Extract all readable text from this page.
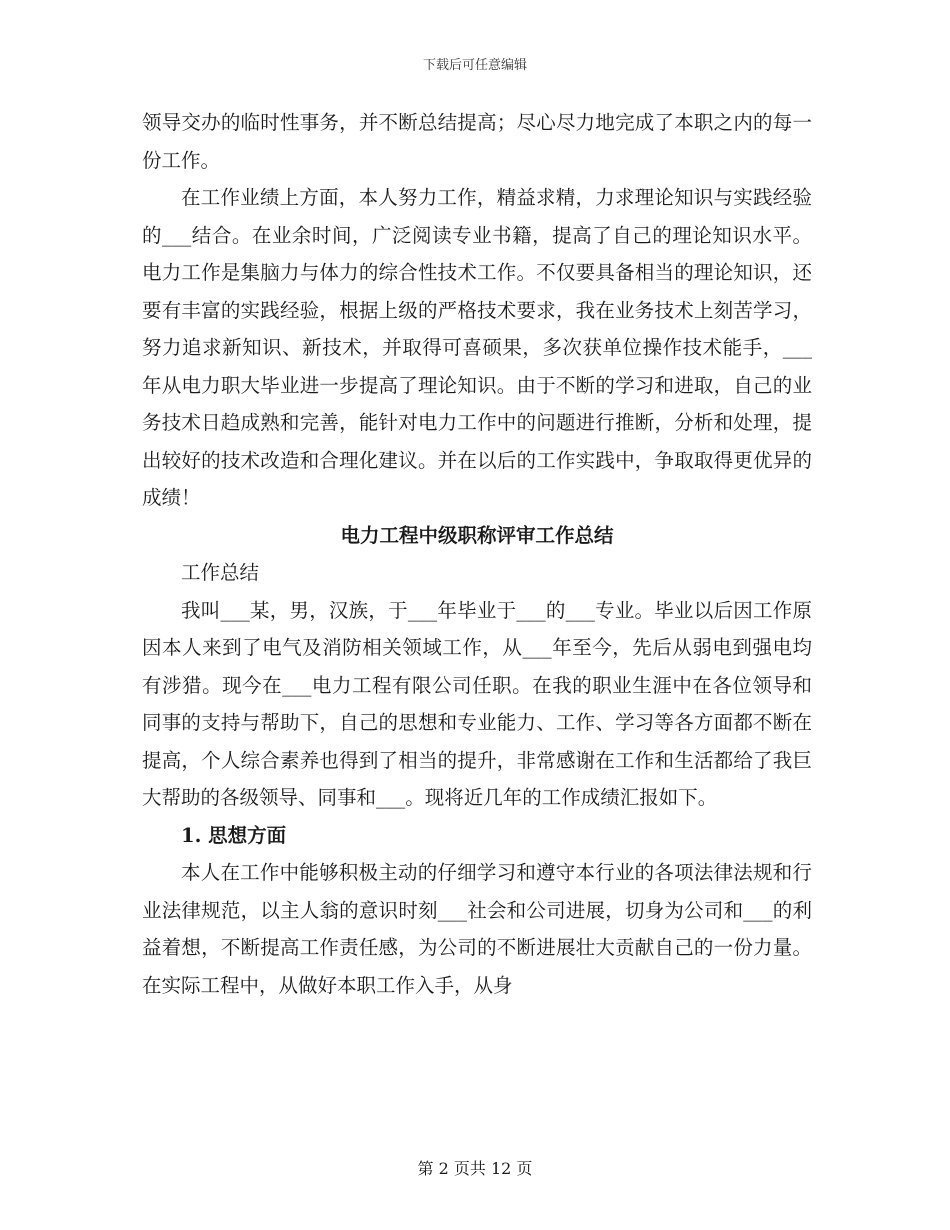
下载后可任意编辑

领导交办的临时性事务，并不断总结提高；尽心尽力地完成了本职之内的每一份工作。

在工作业绩上方面，本人努力工作，精益求精，力求理论知识与实践经验的___结合。在业余时间，广泛阅读专业书籍，提高了自己的理论知识水平。电力工作是集脑力与体力的综合性技术工作。不仅要具备相当的理论知识，还要有丰富的实践经验，根据上级的严格技术要求，我在业务技术上刻苦学习，努力追求新知识、新技术，并取得可喜硕果，多次获单位操作技术能手，___年从电力职大毕业进一步提高了理论知识。由于不断的学习和进取，自己的业务技术日趋成熟和完善，能针对电力工作中的问题进行推断，分析和处理，提出较好的技术改造和合理化建议。并在以后的工作实践中，争取取得更优异的成绩！

电力工程中级职称评审工作总结

工作总结

我叫___某，男，汉族，于___年毕业于___的___专业。毕业以后因工作原因本人来到了电气及消防相关领域工作，从___年至今，先后从弱电到强电均有涉猎。现今在___电力工程有限公司任职。在我的职业生涯中在各位领导和同事的支持与帮助下，自己的思想和专业能力、工作、学习等各方面都不断在提高，个人综合素养也得到了相当的提升，非常感谢在工作和生活都给了我巨大帮助的各级领导、同事和___。现将近几年的工作成绩汇报如下。

1. 思想方面

本人在工作中能够积极主动的仔细学习和遵守本行业的各项法律法规和行业法律规范，以主人翁的意识时刻___社会和公司进展，切身为公司和___的利益着想，不断提高工作责任感，为公司的不断进展壮大贡献自己的一份力量。在实际工程中，从做好本职工作入手，从身

第 2 页共 12 页
